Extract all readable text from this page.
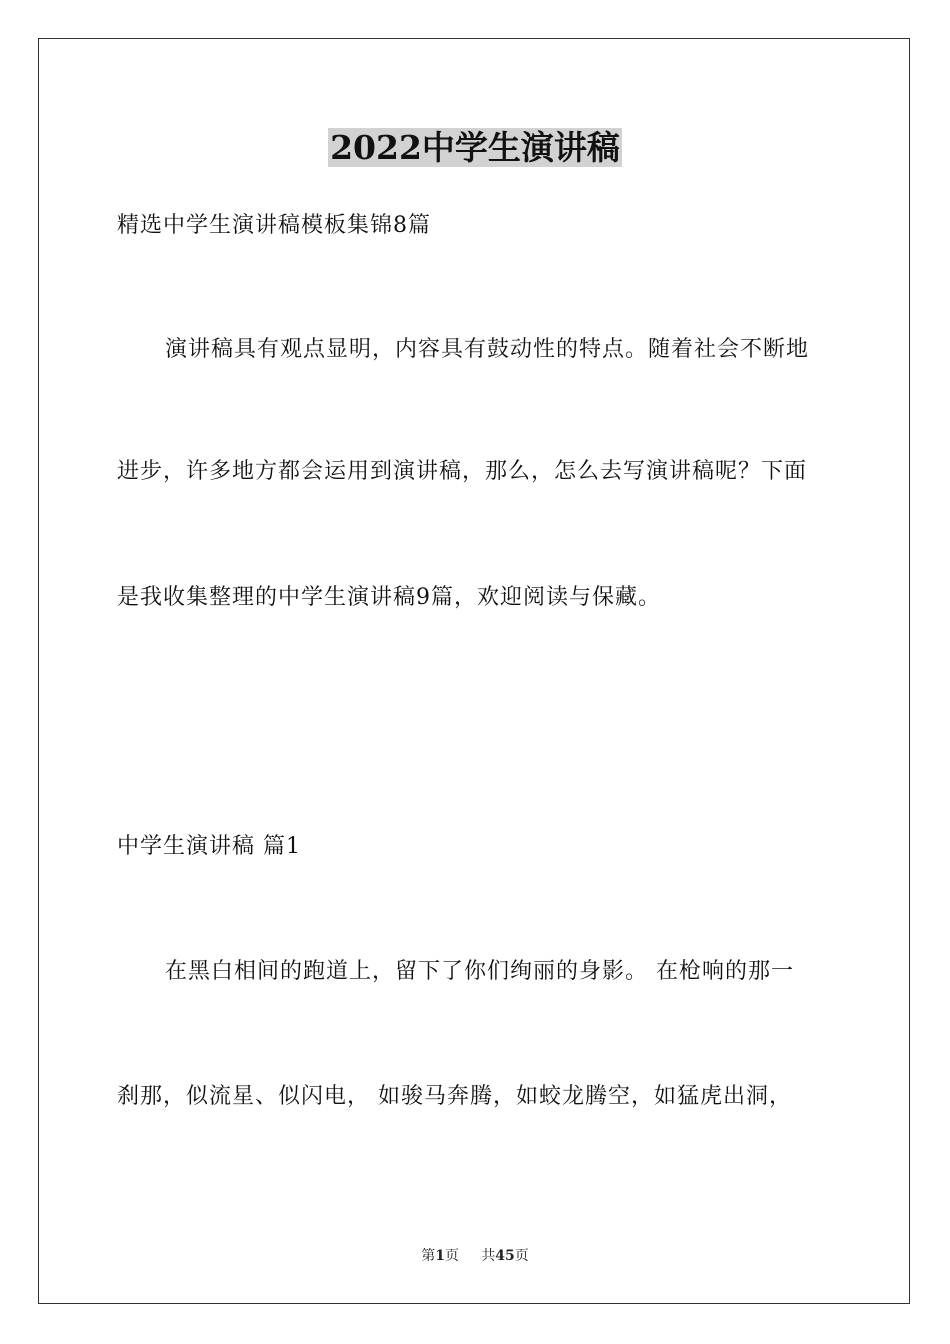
2022中学生演讲稿
精选中学生演讲稿模板集锦8篇
演讲稿具有观点显明，内容具有鼓动性的特点。随着社会不断地
进步，许多地方都会运用到演讲稿，那么，怎么去写演讲稿呢？下面
是我收集整理的中学生演讲稿9篇，欢迎阅读与保藏。
中学生演讲稿 篇1
在黑白相间的跑道上，留下了你们绚丽的身影。 在枪响的那一
刹那，似流星、似闪电， 如骏马奔腾，如蛟龙腾空，如猛虎出洞，
第1页 共45页
